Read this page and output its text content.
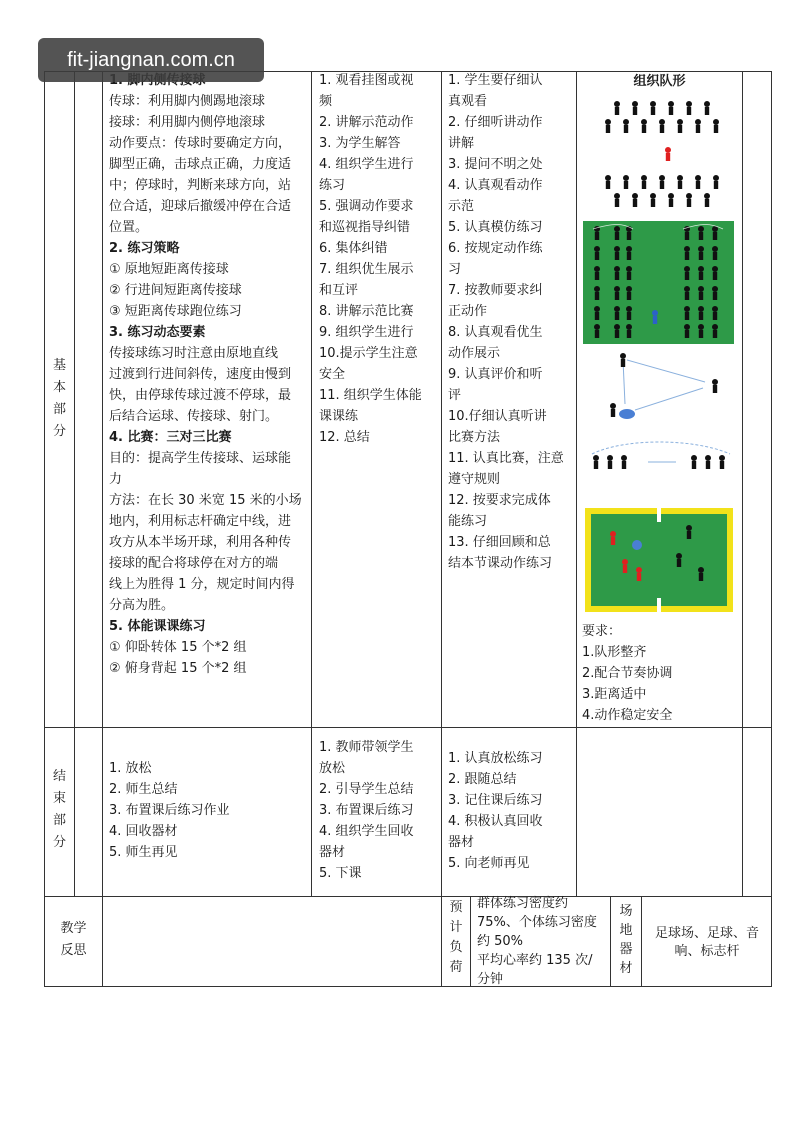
基
本
部
分
结
束
部
分
教学
反思
传球：利用脚内侧踢地滚球
接球：利用脚内侧停地滚球
动作要点：传球时要确定方向，
脚型正确，击球点正确，力度适
中；停球时，判断来球方向，站
位合适，迎球后撤缓冲停在合适
位置。
2. 练习策略
① 原地短距离传接球
② 行进间短距离传接球
③ 短距离传球跑位练习
3. 练习动态要素
传接球练习时注意由原地直线
过渡到行进间斜传，速度由慢到
快，由停球传球过渡不停球，最
后结合运球、传接球、射门。
4. 比赛：三对三比赛
目的：提高学生传接球、运球能
力
方法：在长 30 米宽 15 米的小场
地内，利用标志杆确定中线，进
攻方从本半场开球，利用各种传
接球的配合将球停在对方的端
线上为胜得 1 分，规定时间内得
分高为胜。
5. 体能课课练习
① 仰卧转体 15 个*2 组
② 俯身背起 15 个*2 组
1. 观看挂图或视
频
2. 讲解示范动作
3. 为学生解答
4. 组织学生进行
练习
5. 强调动作要求
和巡视指导纠错
6. 集体纠错
7. 组织优生展示
和互评
8. 讲解示范比赛
9. 组织学生进行
10.提示学生注意
安全
11. 组织学生体能
课课练
12. 总结
1. 学生要仔细认
真观看
2. 仔细听讲动作
讲解
3. 提问不明之处
4. 认真观看动作
示范
5. 认真模仿练习
6. 按规定动作练
习
7. 按教师要求纠
正动作
8. 认真观看优生
动作展示
9. 认真评价和听
评
10.仔细认真听讲
比赛方法
11. 认真比赛，注意
遵守规则
12. 按要求完成体
能练习
13. 仔细回顾和总
结本节课动作练习
组织队形
要求：
1.队形整齐
2.配合节奏协调
3.距离适中
4.动作稳定安全
1. 放松
2. 师生总结
3. 布置课后练习作业
4. 回收器材
5. 师生再见
1. 教师带领学生
放松
2. 引导学生总结
3. 布置课后练习
4. 组织学生回收
器材
5. 下课
1. 认真放松练习
2. 跟随总结
3. 记住课后练习
4. 积极认真回收
器材
5. 向老师再见
预
计
负
荷
群体练习密度约
75%、个体练习密度
约 50%
平均心率约 135 次/
分钟
场
地
器
材
足球场、足球、音
响、标志杆
fit-jiangnan.com.cn
